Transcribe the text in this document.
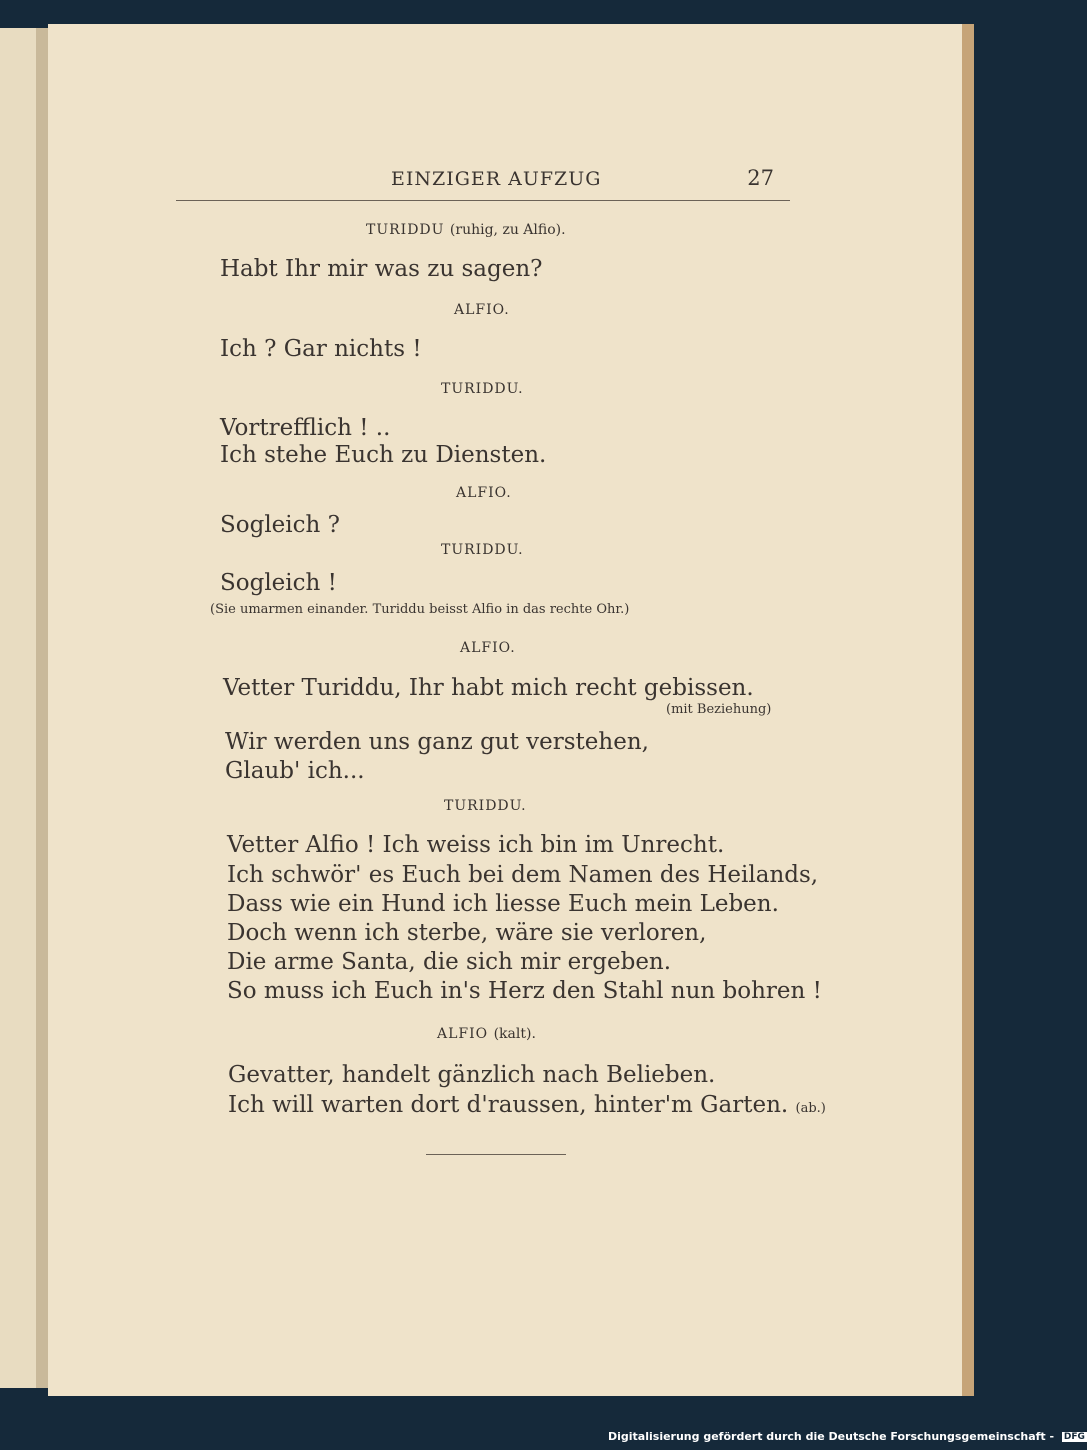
EINZIGER AUFZUG	27
TURIDDU (ruhig, zu Alfio).
Habt Ihr mir was zu sagen?
ALFIO.
Ich ? Gar nichts !
TURIDDU.
Vortrefflich ! ..
Ich stehe Euch zu Diensten.
ALFIO.
Sogleich ?
TURIDDU.
Sogleich !
(Sie umarmen einander. Turiddu beisst Alfio in das rechte Ohr.)
ALFIO.
Vetter Turiddu, Ihr habt mich recht gebissen.
(mit Beziehung)
Wir werden uns ganz gut verstehen,
Glaub' ich...
TURIDDU.
Vetter Alfio ! Ich weiss ich bin im Unrecht.
Ich schwör' es Euch bei dem Namen des Heilands,
Dass wie ein Hund ich liesse Euch mein Leben.
Doch wenn ich sterbe, wäre sie verloren,
Die arme Santa, die sich mir ergeben.
So muss ich Euch in's Herz den Stahl nun bohren !
ALFIO (kalt).
Gevatter, handelt gänzlich nach Belieben.
Ich will warten dort d'raussen, hinter'm Garten. (ab.)
Digitalisierung gefördert durch die Deutsche Forschungsgemeinschaft - DFG
